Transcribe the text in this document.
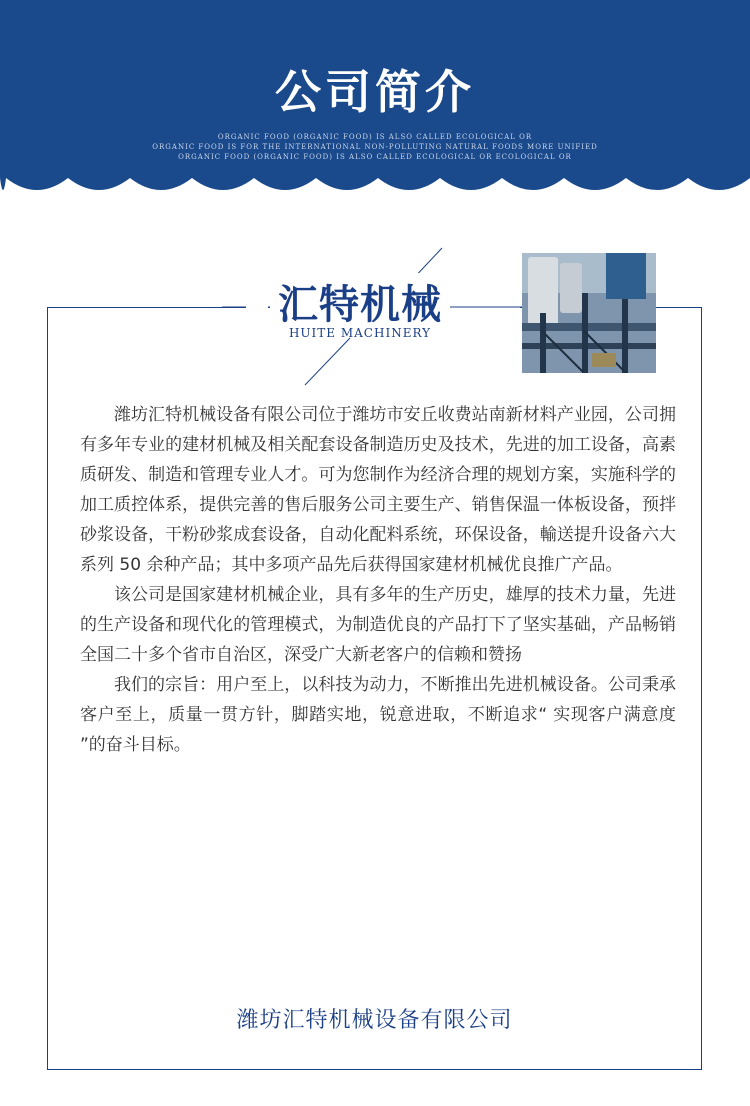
公司简介
ORGANIC FOOD (ORGANIC FOOD) IS ALSO CALLED ECOLOGICAL OR
ORGANIC FOOD IS FOR THE INTERNATIONAL NON-POLLUTING NATURAL FOODS MORE UNIFIED
ORGANIC FOOD (ORGANIC FOOD) IS ALSO CALLED ECOLOGICAL OR ECOLOGICAL OR
汇特机械
HUITE MACHINERY

潍坊汇特机械设备有限公司位于潍坊市安丘收费站南新材料产业园，公司拥有多年专业的建材机械及相关配套设备制造历史及技术，先进的加工设备，高素质研发、制造和管理专业人才。可为您制作为经济合理的规划方案，实施科学的加工质控体系，提供完善的售后服务公司主要生产、销售保温一体板设备，预拌砂浆设备，干粉砂浆成套设备，自动化配料系统，环保设备，輸送提升设备六大系列 50 余种产品；其中多项产品先后获得国家建材机械优良推广产品。

该公司是国家建材机械企业，具有多年的生产历史，雄厚的技术力量，先进的生产设备和现代化的管理模式，为制造优良的产品打下了坚实基础，产品畅销全国二十多个省市自治区，深受广大新老客户的信赖和赞扬

我们的宗旨：用户至上，以科技为动力，不断推出先进机械设备。公司秉承客户至上，质量一贯方针，脚踏实地，锐意进取，不断追求“ 实现客户满意度 ”的奋斗目标。

潍坊汇特机械设备有限公司
